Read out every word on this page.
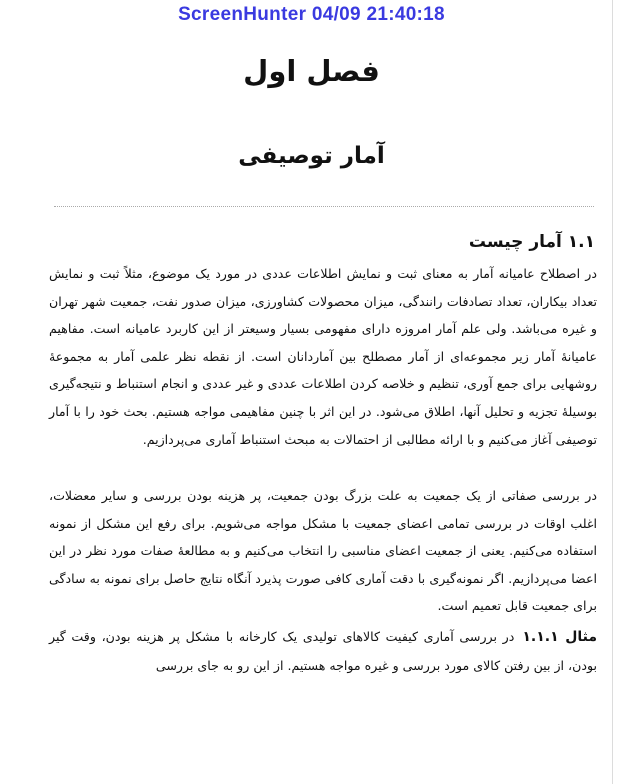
فصل اول
آمار توصیفی
۱.۱ آمار چیست

در اصطلاح عامیانه آمار به معنای ثبت و نمایش اطلاعات عددی در مورد یک موضوع، مثلاً ثبت و نمایش تعداد بیکاران، تعداد تصادفات رانندگی، میزان محصولات کشاورزی، میزان صدور نفت، جمعیت شهر تهران و غیره می‌باشد. ولی علم آمار امروزه دارای مفهومی بسیار وسیعتر از این کاربرد عامیانه است. مفاهیم عامیانهٔ آمار زیر مجموعه‌ای از آمار مصطلح بین آماردانان است. از نقطه نظر علمی آمار به مجموعهٔ روشهایی برای جمع آوری، تنظیم و خلاصه کردن اطلاعات عددی و غیر عددی و انجام استنباط و نتیجه‌گیری بوسیلهٔ تجزیه و تحلیل آنها، اطلاق می‌شود. در این اثر با چنین مفاهیمی مواجه هستیم. بحث خود را با آمار توصیفی آغاز می‌کنیم و با ارائه مطالبی از احتمالات به مبحث استنباط آماری می‌پردازیم.

در بررسی صفاتی از یک جمعیت به علت بزرگ بودن جمعیت، پر هزینه بودن بررسی و سایر معضلات، اغلب اوقات در بررسی تمامی اعضای جمعیت با مشکل مواجه می‌شویم. برای رفع این مشکل از نمونه استفاده می‌کنیم. یعنی از جمعیت اعضای مناسبی را انتخاب می‌کنیم و به مطالعهٔ صفات مورد نظر در این اعضا می‌پردازیم. اگر نمونه‌گیری با دقت آماری کافی صورت پذیرد آنگاه نتایج حاصل برای نمونه به سادگی برای جمعیت قابل تعمیم است.

مثال ۱.۱.۱در بررسی آماری کیفیت کالاهای تولیدی یک کارخانه با مشکل پر هزینه بودن، وقت گیر بودن، از بین رفتن کالای مورد بررسی و غیره مواجه هستیم. از این رو به جای بررسی

ScreenHunter 04/09 21:40:18
